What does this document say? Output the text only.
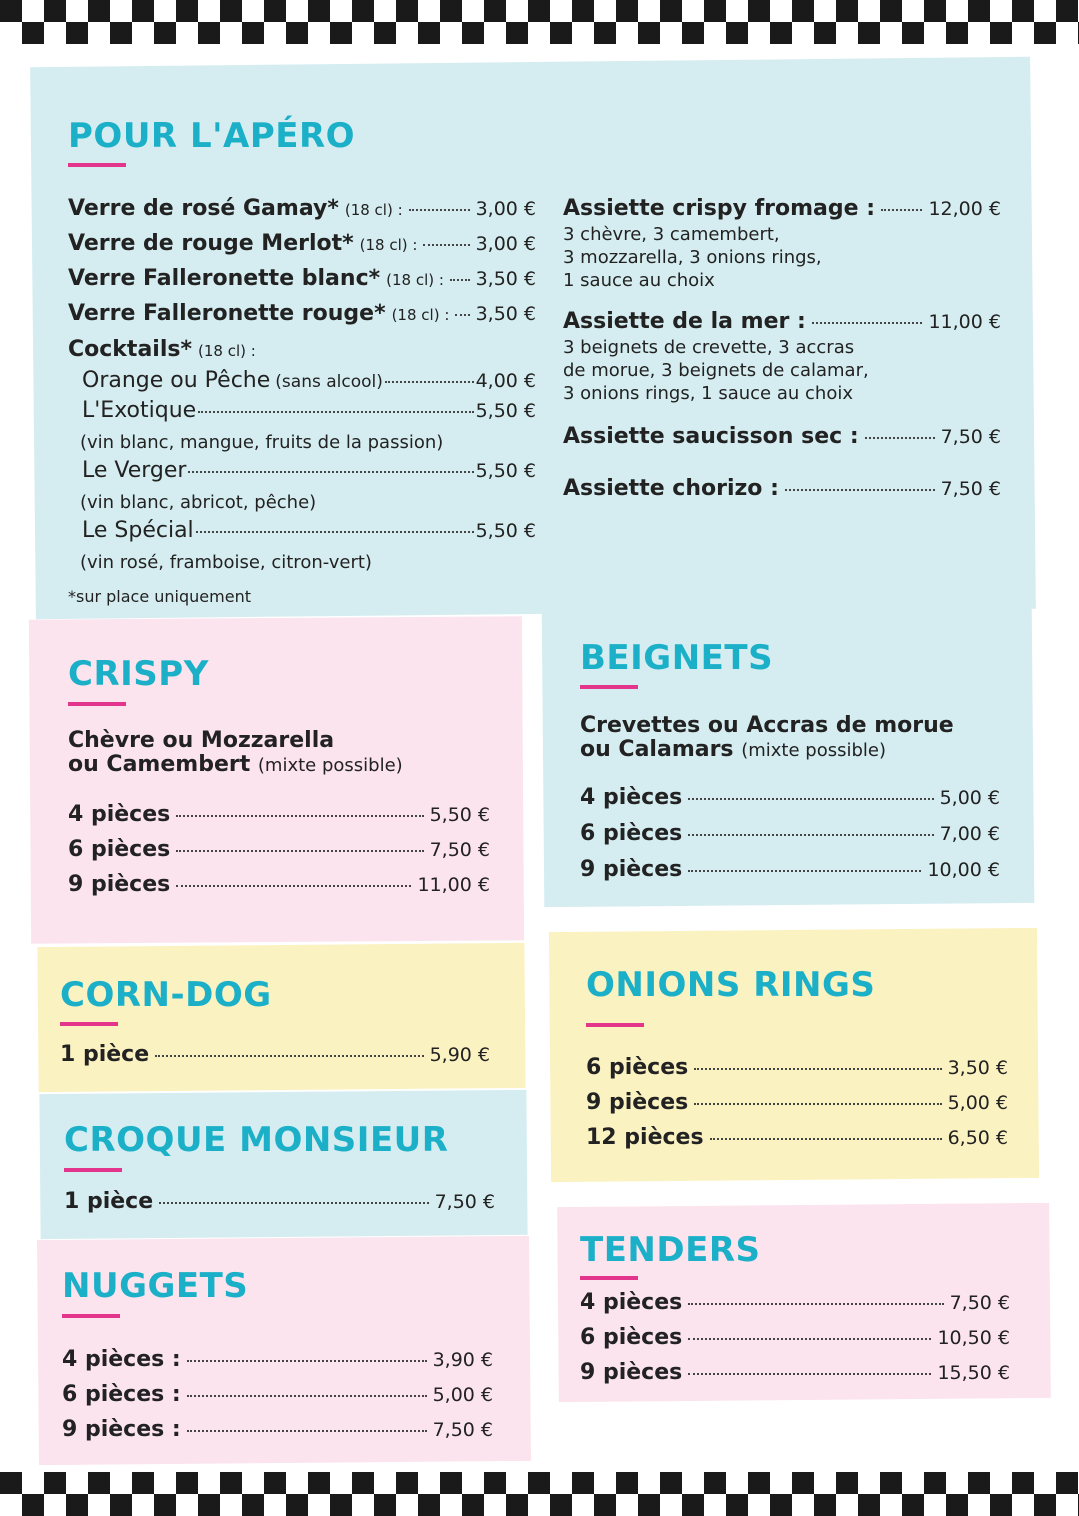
POUR L'APÉRO
Verre de rosé Gamay* (18 cl) :	3,00 €
Verre de rouge Merlot* (18 cl) :	3,00 €
Verre Falleronette blanc* (18 cl) : 3,50 €
Verre Falleronette rouge* (18 cl) : 3,50 €
Cocktails* (18 cl) :
Orange ou Pêche (sans alcool)	4,00 €
L'Exotique	5,50 €
(vin blanc, mangue, fruits de la passion)
Le Verger	5,50 €
(vin blanc, abricot, pêche)
Le Spécial	5,50 €
(vin rosé, framboise, citron-vert)
Assiette crispy fromage :	12,00 €
3 chèvre, 3 camembert,
3 mozzarella, 3 onions rings,
1 sauce au choix
Assiette de la mer :	11,00 €
3 beignets de crevette, 3 accras
de morue, 3 beignets de calamar,
3 onions rings, 1 sauce au choix
Assiette saucisson sec :	7,50 €
Assiette chorizo :	7,50 €
*sur place uniquement
CRISPY
Chèvre ou Mozzarella
ou Camembert (mixte possible)
4 pièces	5,50 €
6 pièces	7,50 €
9 pièces	11,00 €
BEIGNETS
Crevettes ou Accras de morue
ou Calamars (mixte possible)
4 pièces	5,00 €
6 pièces	7,00 €
9 pièces	10,00 €
CORN-DOG
1 pièce	5,90 €
CROQUE MONSIEUR
1 pièce	7,50 €
NUGGETS
4 pièces :	3,90 €
6 pièces :	5,00 €
9 pièces :	7,50 €
ONIONS RINGS
6 pièces	3,50 €
9 pièces	5,00 €
12 pièces	6,50 €
TENDERS
4 pièces	7,50 €
6 pièces	10,50 €
9 pièces	15,50 €
